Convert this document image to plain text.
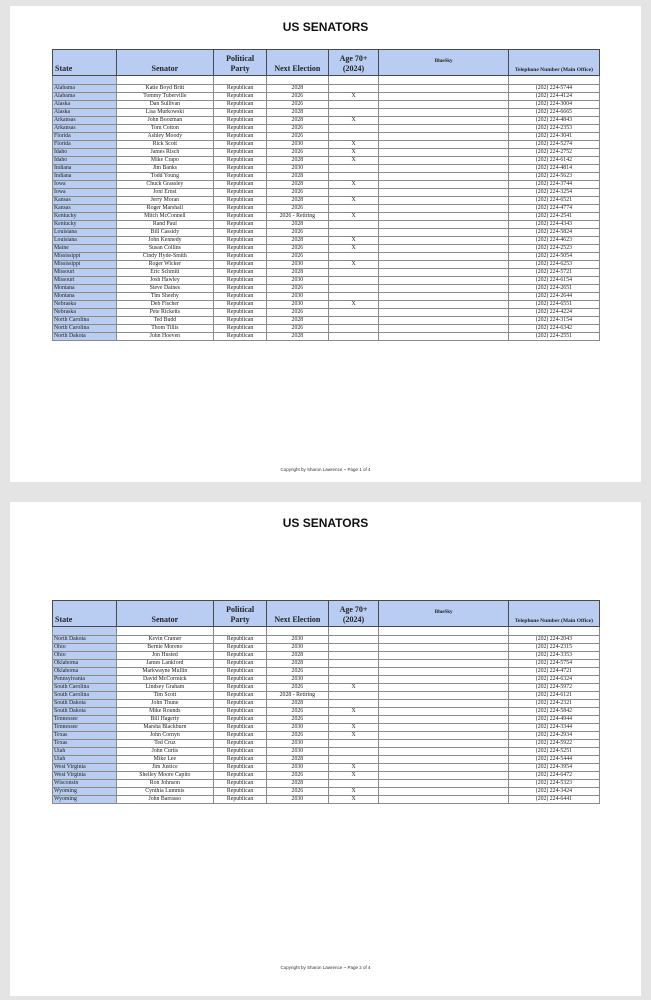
US SENATORS
State	Senator	Political Party	Next Election	Age 70+ (2024)	BlueSky	Telephone Number (Main Office)

Alabama	Katie Boyd Britt	Republican	2028			(202) 224-5744
Alabama	Tommy Tuberville	Republican	2026	X		(202) 224-4124
Alaska	Dan Sullivan	Republican	2026			(202) 224-3004
Alaska	Lisa Murkowski	Republican	2028			(202) 224-6665
Arkansas	John Boozman	Republican	2028	X		(202) 224-4843
Arkansas	Tom Cotton	Republican	2026			(202) 224-2353
Florida	Ashley Moody	Republican	2026			(202) 224-3041
Florida	Rick Scott	Republican	2030	X		(202) 224-5274
Idaho	James Risch	Republican	2026	X		(202) 224-2752
Idaho	Mike Crapo	Republican	2028	X		(202) 224-6142
Indiana	Jim Banks	Republican	2030			(202) 224-4814
Indiana	Todd Young	Republican	2028			(202) 224-5623
Iowa	Chuck Grassley	Republican	2028	X		(202) 224-3744
Iowa	Joni Ernst	Republican	2026			(202) 224-3254
Kansas	Jerry Moran	Republican	2028	X		(202) 224-6521
Kansas	Roger Marshall	Republican	2026			(202) 224-4774
Kentucky	Mitch McConnell	Republican	2026 - Retiring	X		(202) 224-2541
Kentucky	Rand Paul	Republican	2028			(202) 224-4343
Louisiana	Bill Cassidy	Republican	2026			(202) 224-5824
Louisiana	John Kennedy	Republican	2028	X		(202) 224-4623
Maine	Susan Collins	Republican	2026	X		(202) 224-2523
Mississippi	Cindy Hyde-Smith	Republican	2026			(202) 224-5054
Mississippi	Roger Wicker	Republican	2030	X		(202) 224-6253
Missouri	Eric Schmitt	Republican	2028			(202) 224-5721
Missouri	Josh Hawley	Republican	2030			(202) 224-6154
Montana	Steve Daines	Republican	2026			(202) 224-2651
Montana	Tim Sheehy	Republican	2030			(202) 224-2644
Nebraska	Deb Fischer	Republican	2030	X		(202) 224-6551
Nebraska	Pete Ricketts	Republican	2026			(202) 224-4224
North Carolina	Ted Budd	Republican	2028			(202) 224-3154
North Carolina	Thom Tillis	Republican	2026			(202) 224-6342
North Dakota	John Hoeven	Republican	2028			(202) 224-2551
Copyright by Sharon Lawrence ~ Page 1 of 4
US SENATORS
State	Senator	Political Party	Next Election	Age 70+ (2024)	BlueSky	Telephone Number (Main Office)

North Dakota	Kevin Cramer	Republican	2030			(202) 224-2043
Ohio	Bernie Moreno	Republican	2030			(202) 224-2315
Ohio	Jon Husted	Republican	2028			(202) 224-3353
Oklahoma	James Lankford	Republican	2028			(202) 224-5754
Oklahoma	Markwayne Mullin	Republican	2026			(202) 224-4721
Pennsylvania	David McCormick	Republican	2030			(202) 224-6324
South Carolina	Lindsey Graham	Republican	2026	X		(202) 224-5972
South Carolina	Tim Scott	Republican	2028 - Retiring			(202) 224-6121
South Dakota	John Thune	Republican	2028			(202) 224-2321
South Dakota	Mike Rounds	Republican	2026	X		(202) 224-5842
Tennessee	Bill Hagerty	Republican	2026			(202) 224-4944
Tennessee	Marsha Blackburn	Republican	2030	X		(202) 224-3344
Texas	John Cornyn	Republican	2026	X		(202) 224-2934
Texas	Ted Cruz	Republican	2030			(202) 224-5922
Utah	John Curtis	Republican	2030			(202) 224-5251
Utah	Mike Lee	Republican	2028			(202) 224-5444
West Virginia	Jim Justice	Republican	2030	X		(202) 224-3954
West Virginia	Shelley Moore Capito	Republican	2026	X		(202) 224-6472
Wisconsin	Ron Johnson	Republican	2028			(202) 224-5323
Wyoming	Cynthia Lummis	Republican	2026	X		(202) 224-3424
Wyoming	John Barrasso	Republican	2030	X		(202) 224-6441
Copyright by Sharon Lawrence ~ Page 2 of 4
